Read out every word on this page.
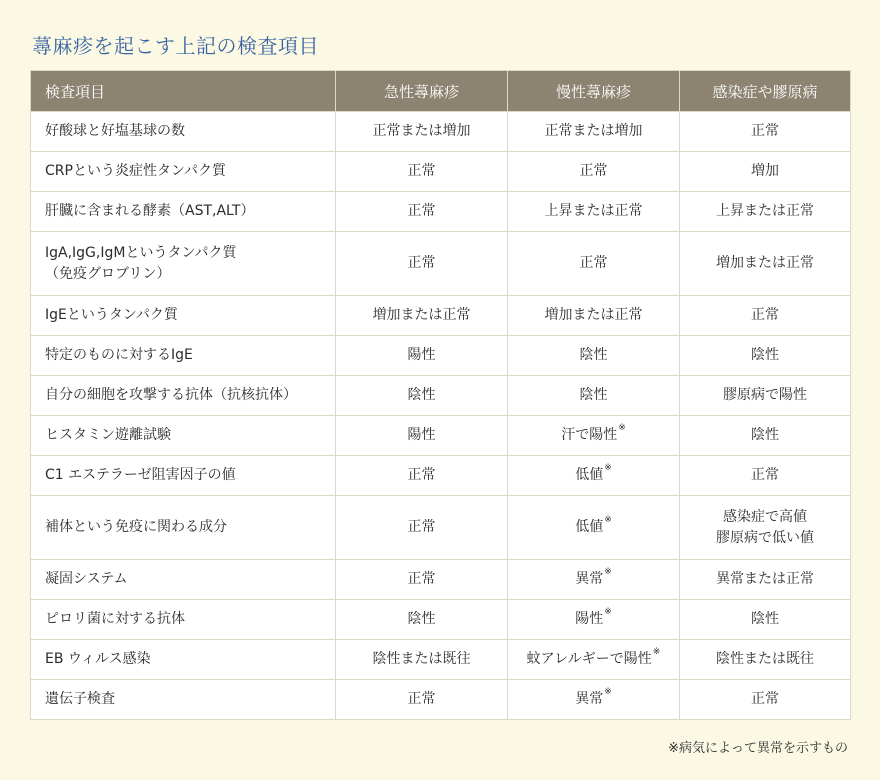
蕁麻疹を起こす上記の検査項目
検査項目	急性蕁麻疹	慢性蕁麻疹	感染症や膠原病
好酸球と好塩基球の数	正常または増加	正常または増加	正常
CRPという炎症性タンパク質	正常	正常	増加
肝臓に含まれる酵素（AST,ALT）	正常	上昇または正常	上昇または正常
IgA,IgG,IgMというタンパク質
（免疫グロブリン）	正常	正常	増加または正常
IgEというタンパク質	増加または正常	増加または正常	正常
特定のものに対するIgE	陽性	陰性	陰性
自分の細胞を攻撃する抗体（抗核抗体）	陰性	陰性	膠原病で陽性
ヒスタミン遊離試験	陽性	汗で陽性※	陰性
C1 エステラーゼ阻害因子の値	正常	低値※	正常
補体という免疫に関わる成分	正常	低値※	感染症で高値
膠原病で低い値
凝固システム	正常	異常※	異常または正常
ピロリ菌に対する抗体	陰性	陽性※	陰性
EB ウィルス感染	陰性または既往	蚊アレルギーで陽性※	陰性または既往
遺伝子検査	正常	異常※	正常
※病気によって異常を示すもの
